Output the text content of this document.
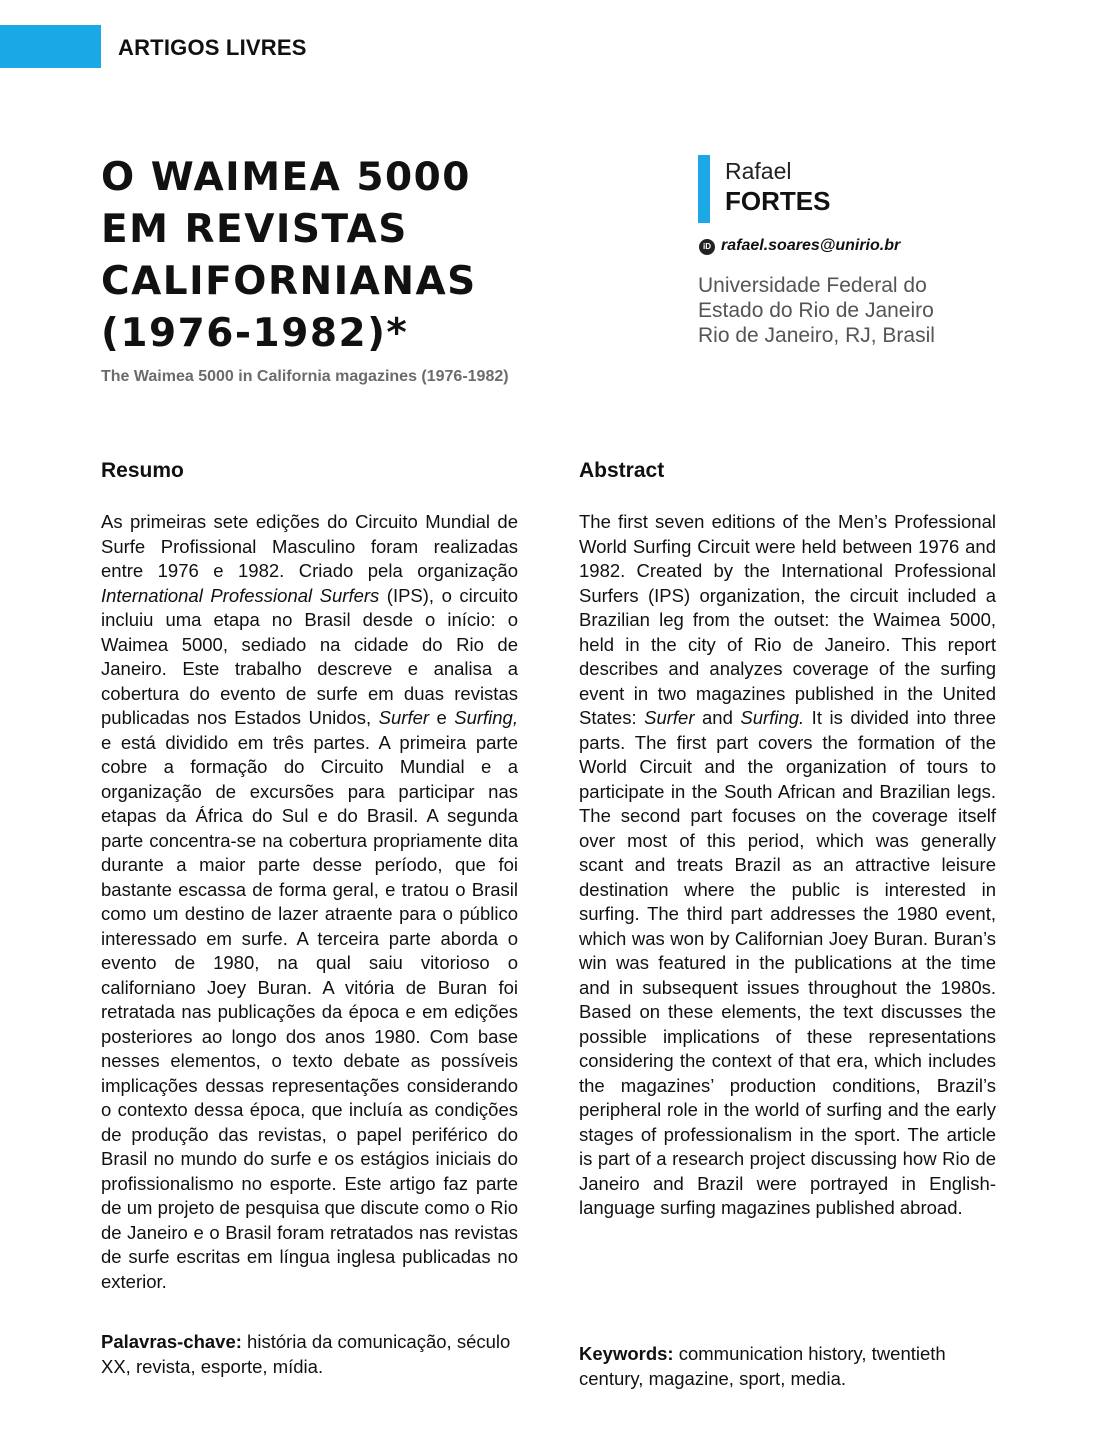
ARTIGOS LIVRES
O WAIMEA 5000
EM REVISTAS
CALIFORNIANAS
(1976-1982)*
The Waimea 5000 in California magazines (1976-1982)
Rafael
FORTES
iD rafael.soares@unirio.br
Universidade Federal do
Estado do Rio de Janeiro
Rio de Janeiro, RJ, Brasil
Resumo

As primeiras sete edições do Circuito Mundial de Surfe Profissional Masculino foram realizadas entre 1976 e 1982. Criado pela organização International Professional Surfers (IPS), o circuito incluiu uma etapa no Brasil desde o início: o Waimea 5000, sediado na cidade do Rio de Janeiro. Este trabalho descreve e analisa a cobertura do evento de surfe em duas revistas publicadas nos Estados Unidos, Surfer e Surfing, e está dividido em três partes. A primeira parte cobre a formação do Circuito Mundial e a organização de excursões para participar nas etapas da África do Sul e do Brasil. A segunda parte concentra-se na cobertura propriamente dita durante a maior parte desse período, que foi bastante escassa de forma geral, e tratou o Brasil como um destino de lazer atraente para o público interessado em surfe. A terceira parte aborda o evento de 1980, na qual saiu vitorioso o californiano Joey Buran. A vitória de Buran foi retratada nas publicações da época e em edições posteriores ao longo dos anos 1980. Com base nesses elementos, o texto debate as possíveis implicações dessas representações considerando o contexto dessa época, que incluía as condições de produção das revistas, o papel periférico do Brasil no mundo do surfe e os estágios iniciais do profissionalismo no esporte. Este artigo faz parte de um projeto de pesquisa que discute como o Rio de Janeiro e o Brasil foram retratados nas revistas de surfe escritas em língua inglesa publicadas no exterior.

Palavras-chave: história da comunicação, século XX, revista, esporte, mídia.

Abstract

The first seven editions of the Men’s Professional World Surfing Circuit were held between 1976 and 1982. Created by the International Professional Surfers (IPS) organization, the circuit included a Brazilian leg from the outset: the Waimea 5000, held in the city of Rio de Janeiro. This report describes and analyzes coverage of the surfing event in two magazines published in the United States: Surfer and Surfing. It is divided into three parts. The first part covers the formation of the World Circuit and the organization of tours to participate in the South African and Brazilian legs. The second part focuses on the coverage itself over most of this period, which was generally scant and treats Brazil as an attractive leisure destination where the public is interested in surfing. The third part addresses the 1980 event, which was won by Californian Joey Buran. Buran’s win was featured in the publications at the time and in subsequent issues throughout the 1980s. Based on these elements, the text discusses the possible implications of these representations considering the context of that era, which includes the magazines’ production conditions, Brazil’s peripheral role in the world of surfing and the early stages of professionalism in the sport. The article is part of a research project discussing how Rio de Janeiro and Brazil were portrayed in English-language surfing magazines published abroad.

Keywords: communication history, twentieth century, magazine, sport, media.
